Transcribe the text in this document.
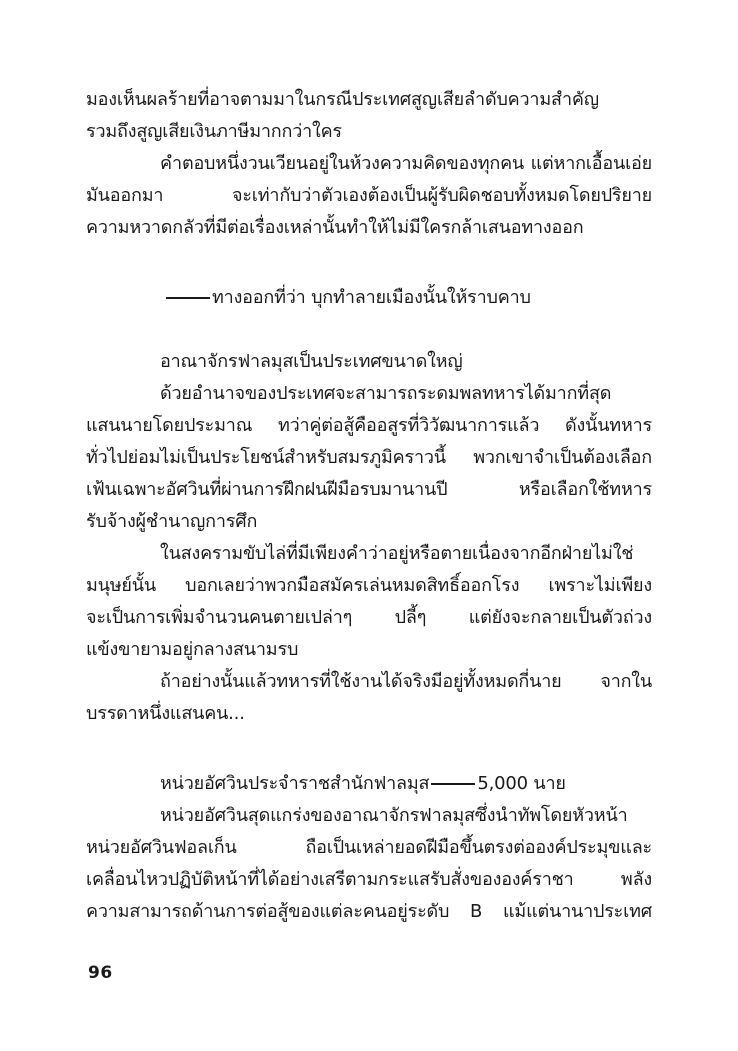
มองเห็นผลร้ายที่อาจตามมาในกรณีประเทศสูญเสียลำดับความสำคัญ
รวมถึงสูญเสียเงินภาษีมากกว่าใคร
คำตอบหนึ่งวนเวียนอยู่ในห้วงความคิดของทุกคน แต่หากเอื้อนเอ่ย
มันออกมา จะเท่ากับว่าตัวเองต้องเป็นผู้รับผิดชอบทั้งหมดโดยปริยาย
ความหวาดกลัวที่มีต่อเรื่องเหล่านั้นทำให้ไม่มีใครกล้าเสนอทางออก
ทางออกที่ว่า บุกทำลายเมืองนั้นให้ราบคาบ
อาณาจักรฟาลมุสเป็นประเทศขนาดใหญ่
ด้วยอำนาจของประเทศจะสามารถระดมพลทหารได้มากที่สุด
แสนนายโดยประมาณ ทว่าคู่ต่อสู้คืออสูรที่วิวัฒนาการแล้ว ดังนั้นทหาร
ทั่วไปย่อมไม่เป็นประโยชน์สำหรับสมรภูมิคราวนี้ พวกเขาจำเป็นต้องเลือก
เฟ้นเฉพาะอัศวินที่ผ่านการฝึกฝนฝีมือรบมานานปี หรือเลือกใช้ทหาร
รับจ้างผู้ชำนาญการศึก
ในสงครามขับไล่ที่มีเพียงคำว่าอยู่หรือตายเนื่องจากอีกฝ่ายไม่ใช่
มนุษย์นั้น บอกเลยว่าพวกมือสมัครเล่นหมดสิทธิ์ออกโรง เพราะไม่เพียง
จะเป็นการเพิ่มจำนวนคนตายเปล่าๆ ปลี้ๆ แต่ยังจะกลายเป็นตัวถ่วง
แข้งขายามอยู่กลางสนามรบ
ถ้าอย่างนั้นแล้วทหารที่ใช้งานได้จริงมีอยู่ทั้งหมดกี่นาย จากใน
บรรดาหนึ่งแสนคน...
หน่วยอัศวินประจำราชสำนักฟาลมุส	5,000 นาย
หน่วยอัศวินสุดแกร่งของอาณาจักรฟาลมุสซึ่งนำทัพโดยหัวหน้า
หน่วยอัศวินฟอลเก็น ถือเป็นเหล่ายอดฝีมือขึ้นตรงต่อองค์ประมุขและ
เคลื่อนไหวปฏิบัติหน้าที่ได้อย่างเสรีตามกระแสรับสั่งขององค์ราชา พลัง
ความสามารถด้านการต่อสู้ของแต่ละคนอยู่ระดับ B แม้แต่นานาประเทศ
96
